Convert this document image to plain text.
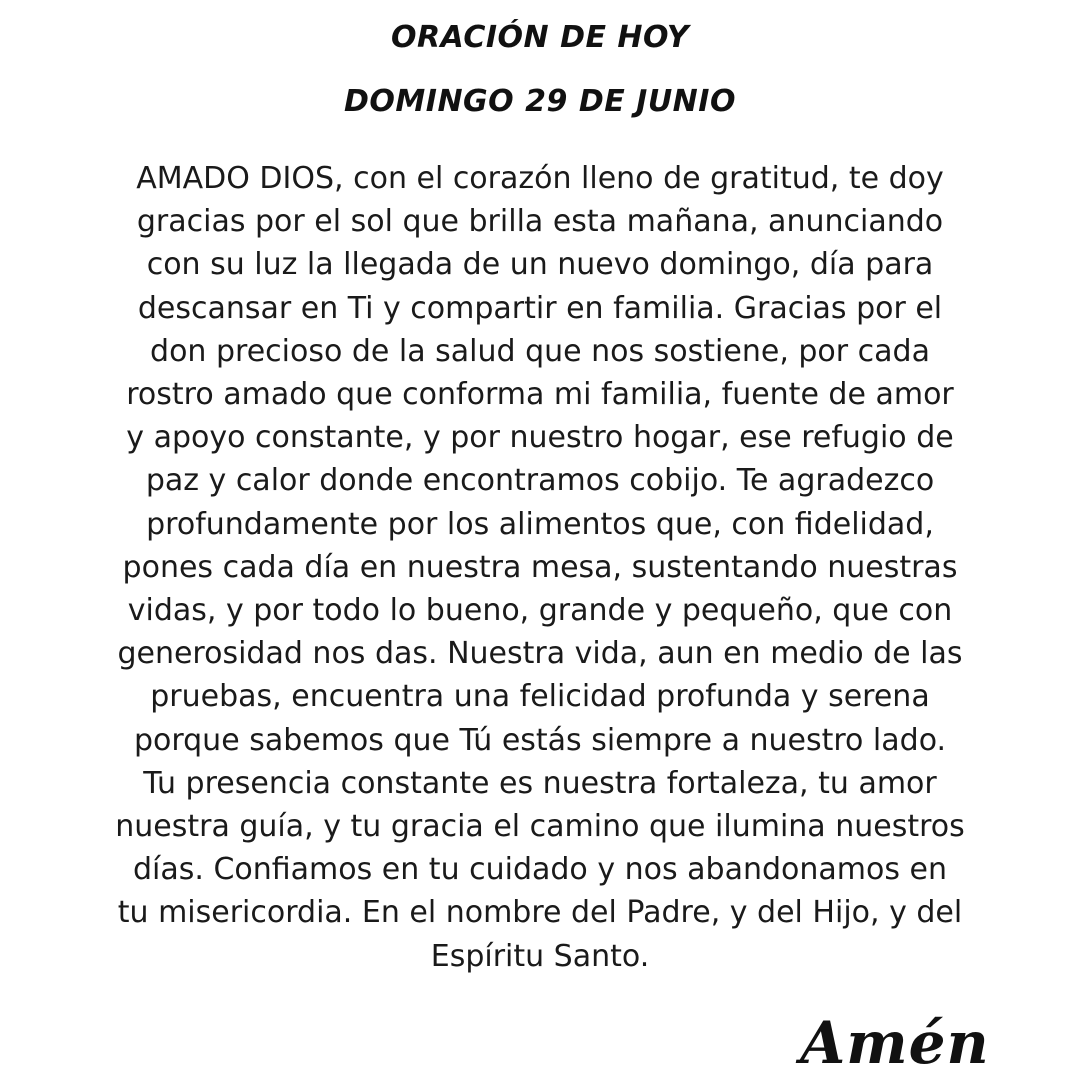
ORACIÓN DE HOY
DOMINGO 29 DE JUNIO
AMADO DIOS, con el corazón lleno de gratitud, te doy
gracias por el sol que brilla esta mañana, anunciando
con su luz la llegada de un nuevo domingo, día para
descansar en Ti y compartir en familia. Gracias por el
don precioso de la salud que nos sostiene, por cada
rostro amado que conforma mi familia, fuente de amor
y apoyo constante, y por nuestro hogar, ese refugio de
paz y calor donde encontramos cobijo. Te agradezco
profundamente por los alimentos que, con fidelidad,
pones cada día en nuestra mesa, sustentando nuestras
vidas, y por todo lo bueno, grande y pequeño, que con
generosidad nos das. Nuestra vida, aun en medio de las
pruebas, encuentra una felicidad profunda y serena
porque sabemos que Tú estás siempre a nuestro lado.
Tu presencia constante es nuestra fortaleza, tu amor
nuestra guía, y tu gracia el camino que ilumina nuestros
días. Confiamos en tu cuidado y nos abandonamos en
tu misericordia. En el nombre del Padre, y del Hijo, y del
Espíritu Santo.
Amén
